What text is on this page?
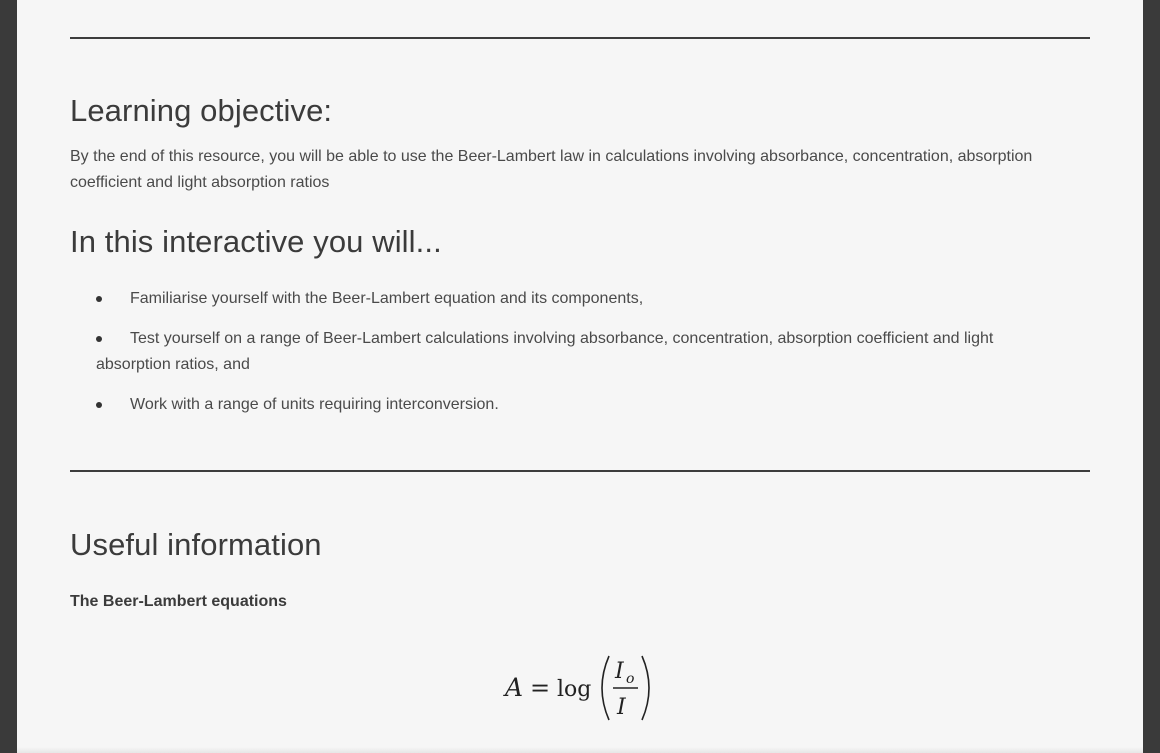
Learning objective:

By the end of this resource, you will be able to use the Beer-Lambert law in calculations involving absorbance, concentration, absorption coefficient and light absorption ratios

In this interactive you will...
Familiarise yourself with the Beer-Lambert equation and its components,
Test yourself on a range of Beer-Lambert calculations involving absorbance, concentration, absorption coefficient and light absorption ratios, and
Work with a range of units requiring interconversion.
Useful information

The Beer-Lambert equations

A = log
I o
I
